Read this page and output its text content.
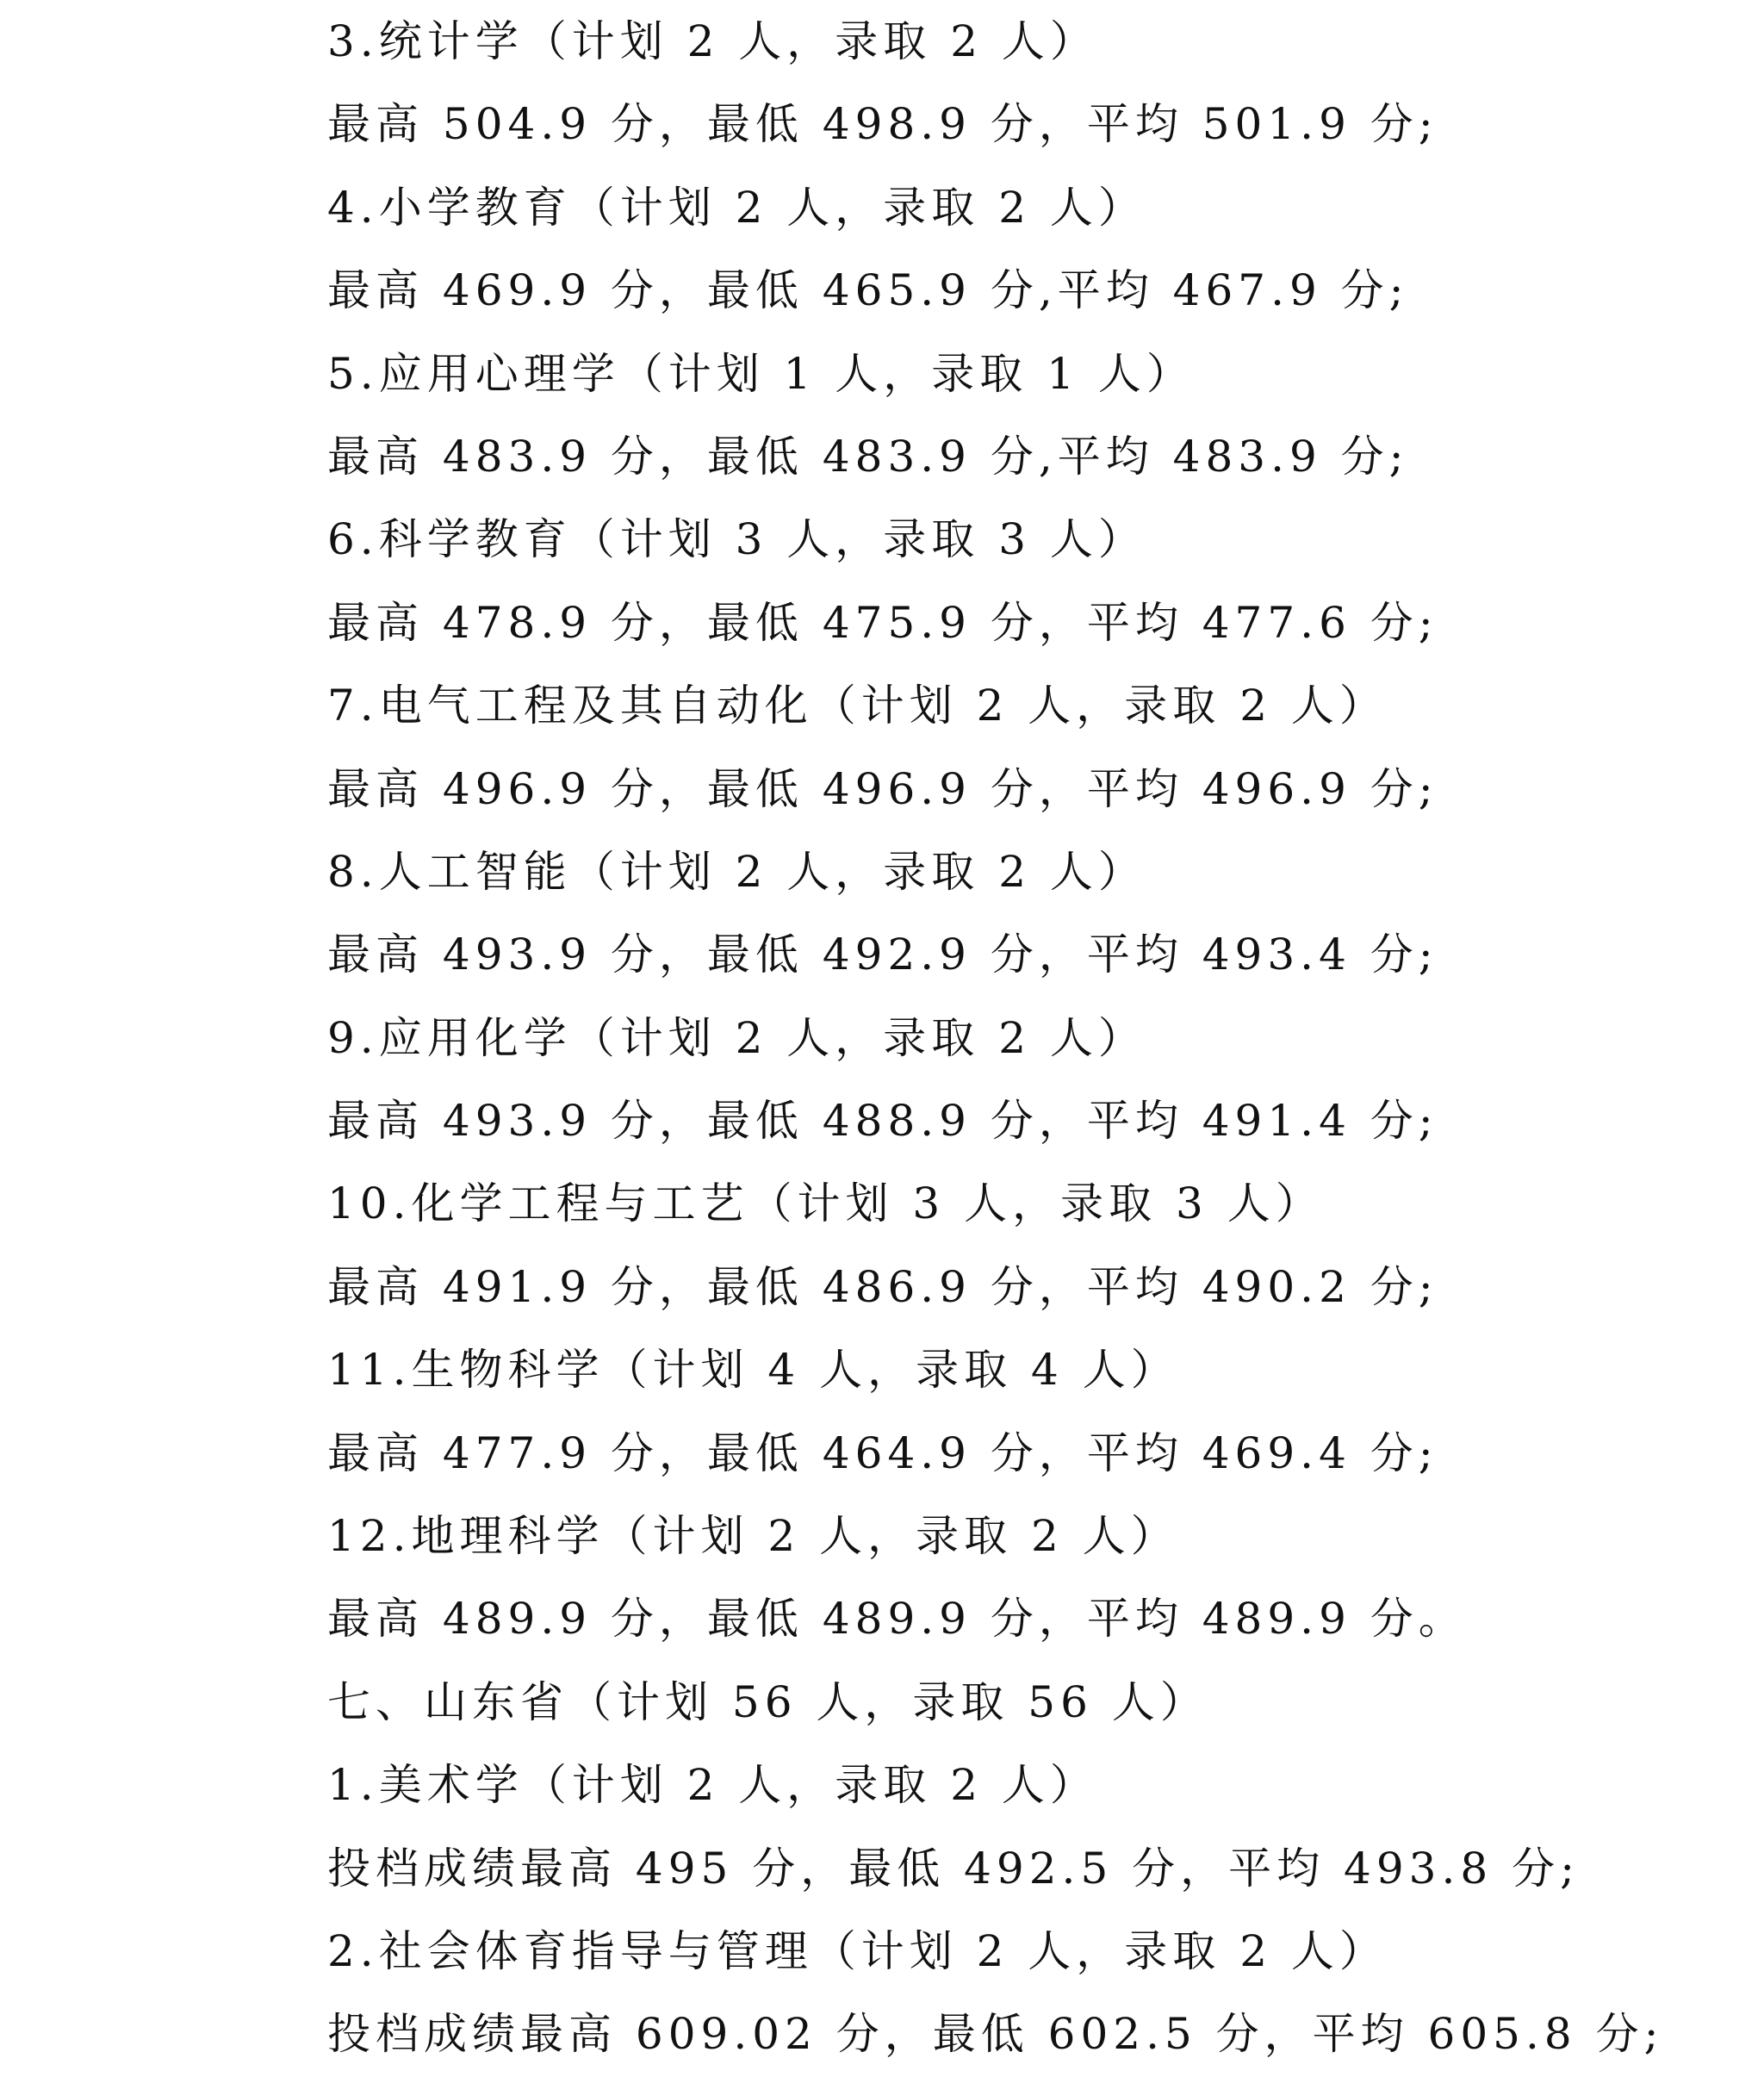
3.统计学（计划 2 人，录取 2 人）
最高 504.9 分，最低 498.9 分，平均 501.9 分;
4.小学教育（计划 2 人，录取 2 人）
最高 469.9 分，最低 465.9 分,平均 467.9 分;
5.应用心理学（计划 1 人，录取 1 人）
最高 483.9 分，最低 483.9 分,平均 483.9 分;
6.科学教育（计划 3 人，录取 3 人）
最高 478.9 分，最低 475.9 分，平均 477.6 分;
7.电气工程及其自动化（计划 2 人，录取 2 人）
最高 496.9 分，最低 496.9 分，平均 496.9 分;
8.人工智能（计划 2 人，录取 2 人）
最高 493.9 分，最低 492.9 分，平均 493.4 分;
9.应用化学（计划 2 人，录取 2 人）
最高 493.9 分，最低 488.9 分，平均 491.4 分;
10.化学工程与工艺（计划 3 人，录取 3 人）
最高 491.9 分，最低 486.9 分，平均 490.2 分;
11.生物科学（计划 4 人，录取 4 人）
最高 477.9 分，最低 464.9 分，平均 469.4 分;
12.地理科学（计划 2 人，录取 2 人）
最高 489.9 分，最低 489.9 分，平均 489.9 分。
七、山东省（计划 56 人，录取 56 人）
1.美术学（计划 2 人，录取 2 人）
投档成绩最高 495 分，最低 492.5 分，平均 493.8 分;
2.社会体育指导与管理（计划 2 人，录取 2 人）
投档成绩最高 609.02 分，最低 602.5 分，平均 605.8 分;
